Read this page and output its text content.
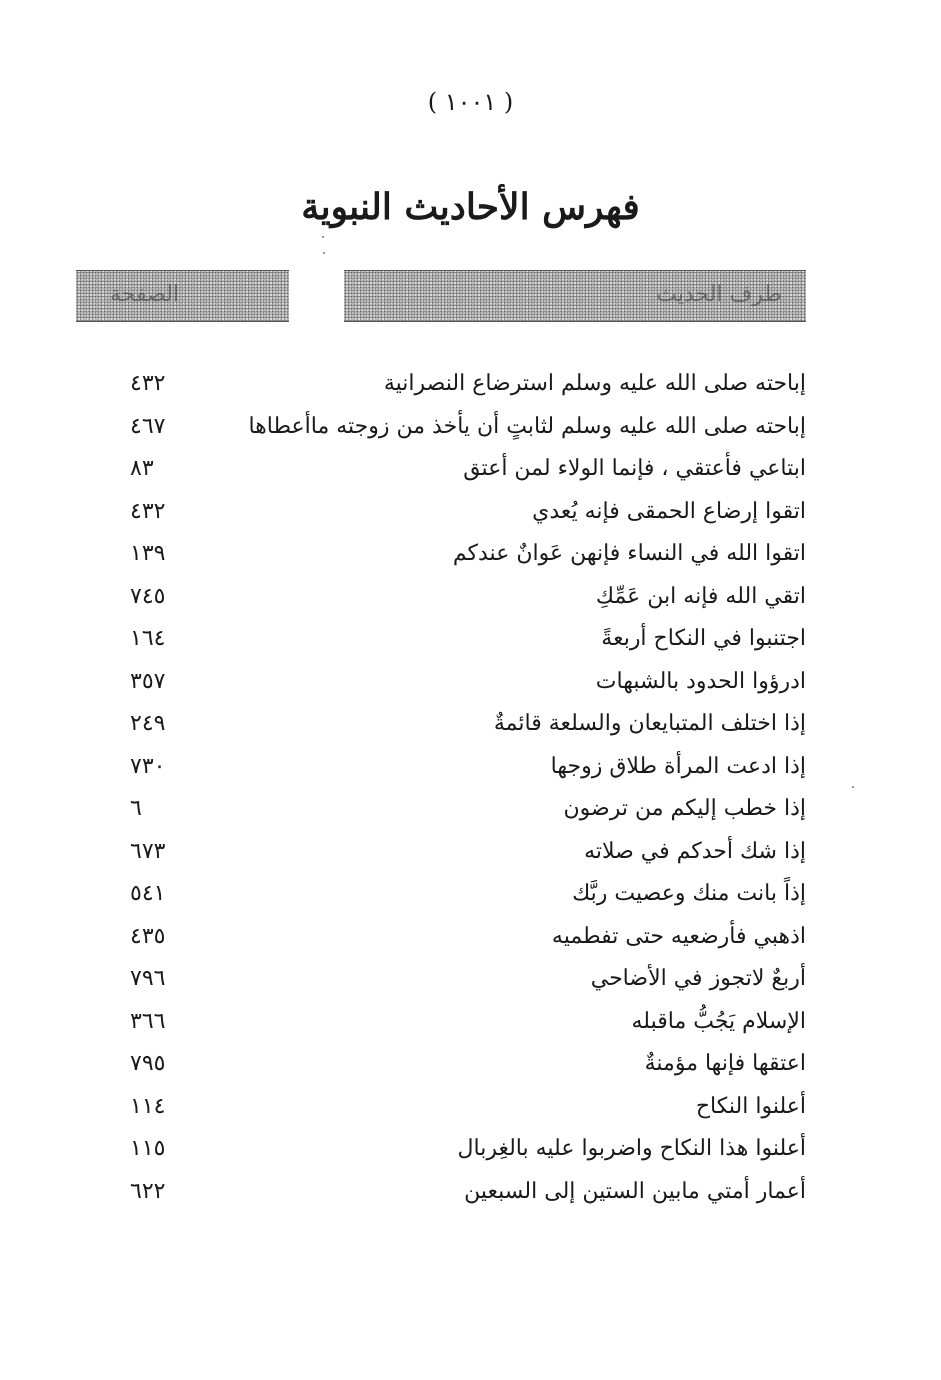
( ١٠٠١ )
فهرس الأحاديث النبوية
طرف الحديث
الصفحة
إباحته صلى الله عليه وسلم استرضاع النصرانية
٤٣٢
إباحته صلى الله عليه وسلم لثابتٍ أن يأخذ من زوجته ماأعطاها
٤٦٧
ابتاعي فأعتقي ، فإنما الولاء لمن أعتق
٨٣
اتقوا إرضاع الحمقى فإنه يُعدي
٤٣٢
اتقوا الله في النساء فإنهن عَوانٌ عندكم
١٣٩
اتقي الله فإنه ابن عَمِّكِ
٧٤٥
اجتنبوا في النكاح أربعةً
١٦٤
ادرؤوا الحدود بالشبهات
٣٥٧
إذا اختلف المتبايعان والسلعة قائمةٌ
٢٤٩
إذا ادعت المرأة طلاق زوجها
٧٣٠
إذا خطب إليكم من ترضون
٦
إذا شك أحدكم في صلاته
٦٧٣
إذاً بانت منك وعصيت ربَّك
٥٤١
اذهبي فأرضعيه حتى تفطميه
٤٣٥
أربعٌ لاتجوز في الأضاحي
٧٩٦
الإسلام يَجُبُّ ماقبله
٣٦٦
اعتقها فإنها مؤمنةٌ
٧٩٥
أعلنوا النكاح
١١٤
أعلنوا هذا النكاح واضربوا عليه بالغِربال
١١٥
أعمار أمتي مابين الستين إلى السبعين
٦٢٢
